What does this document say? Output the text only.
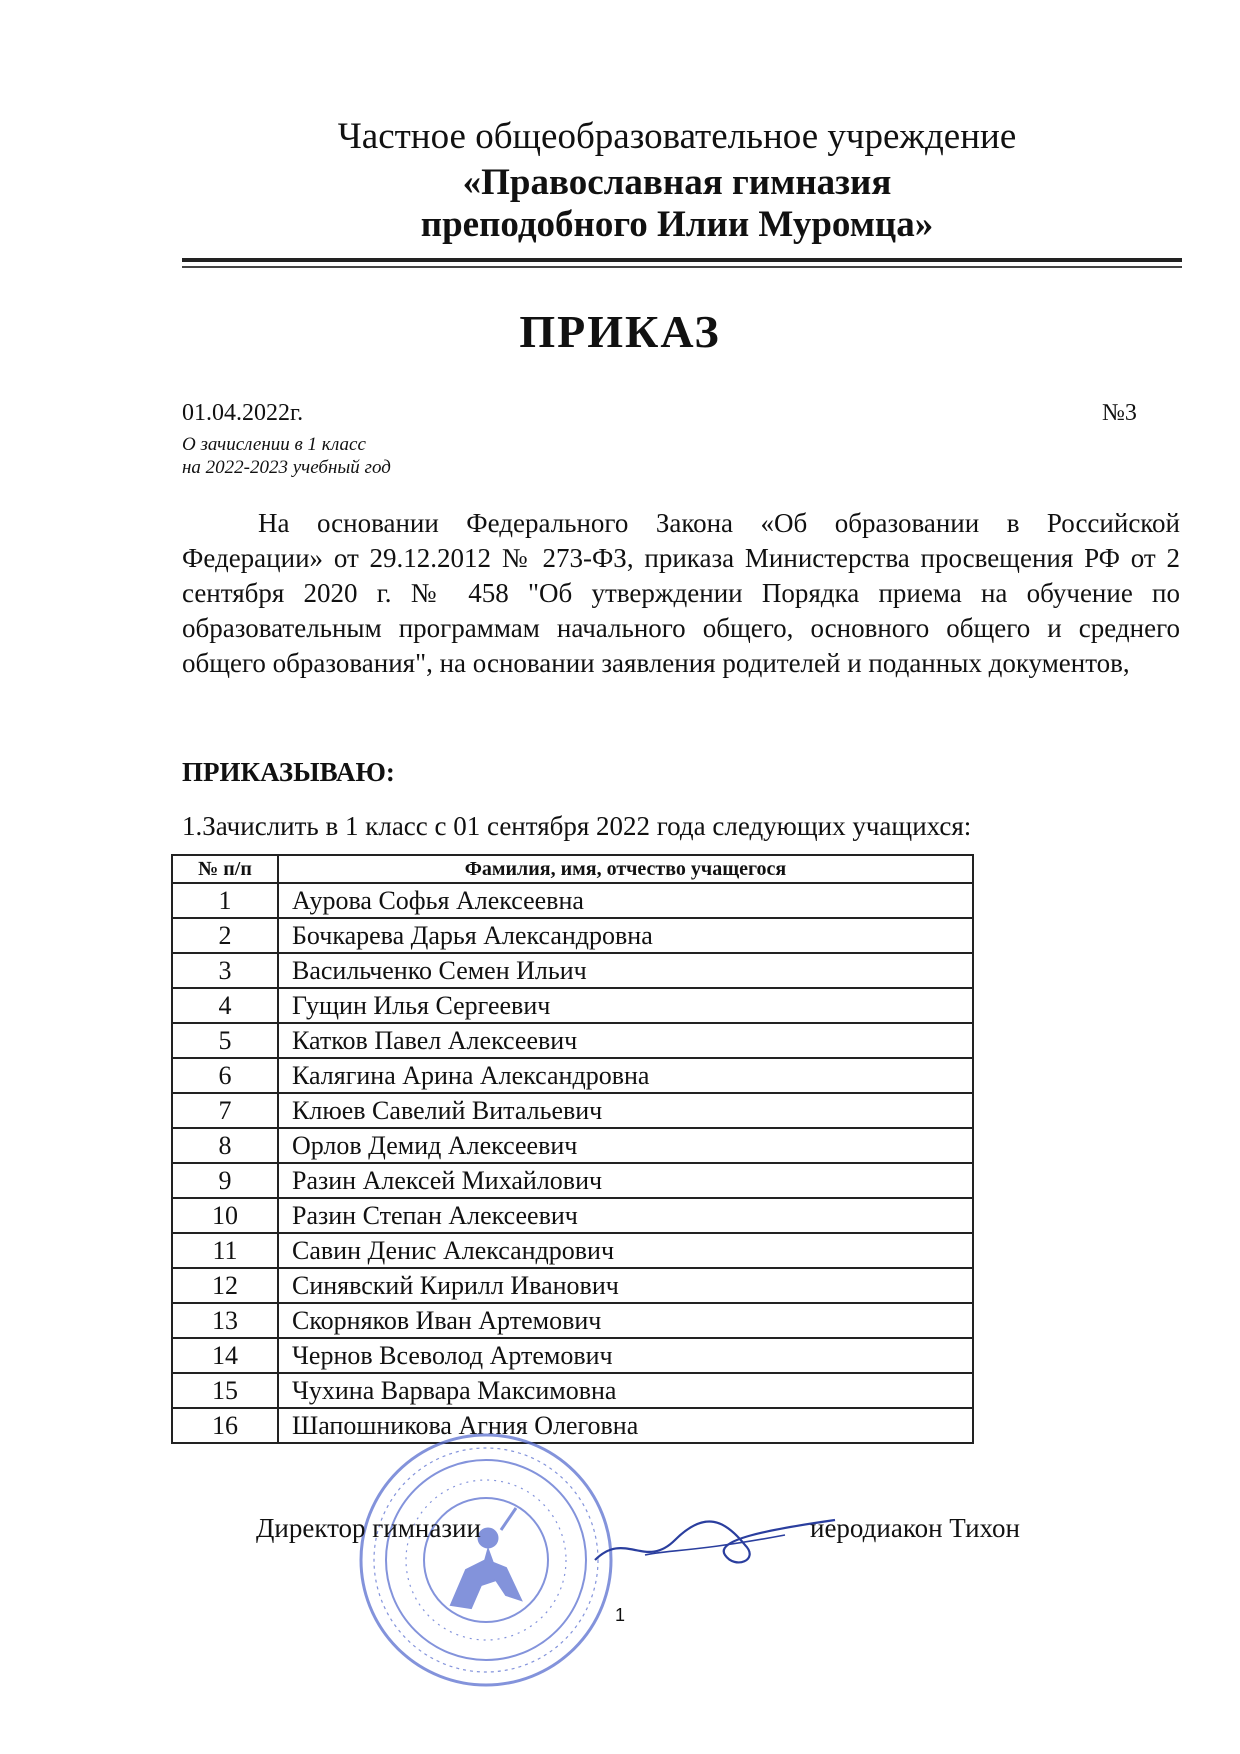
Частное общеобразовательное учреждение
«Православная гимназия
преподобного Илии Муромца»
ПРИКАЗ
01.04.2022г.	№3
О зачислении в 1 класс
на 2022-2023 учебный год
На основании Федерального Закона «Об образовании в Российской Федерации» от 29.12.2012 № 273-ФЗ, приказа Министерства просвещения РФ от 2 сентября 2020 г. № 458 "Об утверждении Порядка приема на обучение по образовательным программам начального общего, основного общего и среднего общего образования", на основании заявления родителей и поданных документов,
ПРИКАЗЫВАЮ:
1.Зачислить в 1 класс с 01 сентября 2022 года следующих учащихся:
№ п/п	Фамилия, имя, отчество учащегося
1	Аурова Софья Алексеевна
2	Бочкарева Дарья Александровна
3	Васильченко Семен Ильич
4	Гущин Илья Сергеевич
5	Катков Павел Алексеевич
6	Калягина Арина Александровна
7	Клюев Савелий Витальевич
8	Орлов Демид Алексеевич
9	Разин Алексей Михайлович
10	Разин Степан Алексеевич
11	Савин Денис Александрович
12	Синявский Кирилл Иванович
13	Скорняков Иван Артемович
14	Чернов Всеволод Артемович
15	Чухина Варвара Максимовна
16	Шапошникова Агния Олеговна
Директор гимназии	иеродиакон Тихон
1
